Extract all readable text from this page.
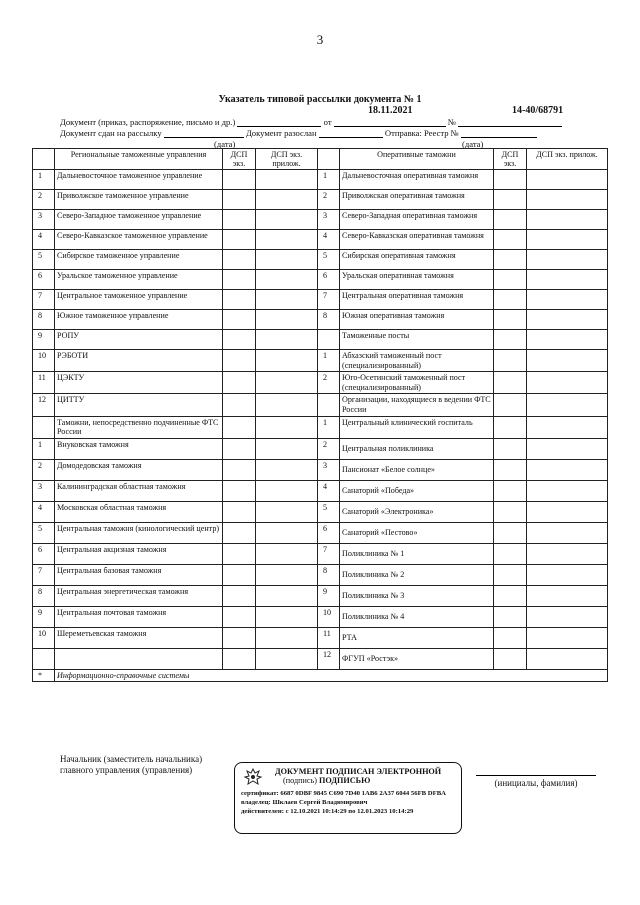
3
Указатель типовой рассылки документа № 1
18.11.2021	14-40/68791
Документ (приказ, распоряжение, письмо и др.)	от	№
Документ сдан на рассылку	Документ разослан	Отправка: Реестр №
(дата)	(дата)
	Региональные таможенные управления	ДСП экз.	ДСП экз. прилож.		Оперативные таможни	ДСП экз.	ДСП экз. прилож.
1	Дальневосточное таможенное управление			1	Дальневосточная оперативная таможня		
2	Приволжское таможенное управление			2	Приволжская оперативная таможня		
3	Северо-Западное таможенное управление			3	Северо-Западная оперативная таможня		
4	Северо-Кавказское таможенное управление			4	Северо-Кавказская оперативная таможня		
5	Сибирское таможенное управление			5	Сибирская оперативная таможня		
6	Уральское таможенное управление			6	Уральская оперативная таможня		
7	Центральное таможенное управление			7	Центральная оперативная таможня		
8	Южное таможенное управление			8	Южная оперативная таможня		
9	РОПУ				Таможенные посты		
10	РЭБОТИ			1	Абхазский таможенный пост (специализированный)		
11	ЦЭКТУ			2	Юго-Осетинский таможенный пост (специализированный)		
12	ЦИТТУ				Организации, находящиеся в ведении ФТС России		
	Таможни, непосредственно подчиненные ФТС России			1	Центральный клинический госпиталь		
1	Внуковская таможня			2	Центральная поликлиника		
2	Домодедовская таможня			3	Пансионат «Белое солнце»		
3	Калининградская областная таможня			4	Санаторий «Победа»		
4	Московская областная таможня			5	Санаторий «Электроника»		
5	Центральная таможня (кинологический центр)			6	Санаторий «Пестово»		
6	Центральная акцизная таможня			7	Поликлиника № 1		
7	Центральная базовая таможня			8	Поликлиника № 2		
8	Центральная энергетическая таможня			9	Поликлиника № 3		
9	Центральная почтовая таможня			10	Поликлиника № 4		
10	Шереметьевская таможня			11	РТА		
				12	ФГУП «Ростэк»		
*	Информационно-справочные системы						
Начальник (заместитель начальника)
главного управления (управления)	ДОКУМЕНТ ПОДПИСАН ЭЛЕКТРОННОЙ
(подпись) ПОДПИСЬЮ
сертификат: 6687 0DBF 9845 C690 7D40 1AB6 2A37 6044 56FB DFBA
владелец: Шклаев Сергей Владимирович
действителен: с 12.10.2021 10:14:29 по 12.01.2023 10:14:29
(инициалы, фамилия)
